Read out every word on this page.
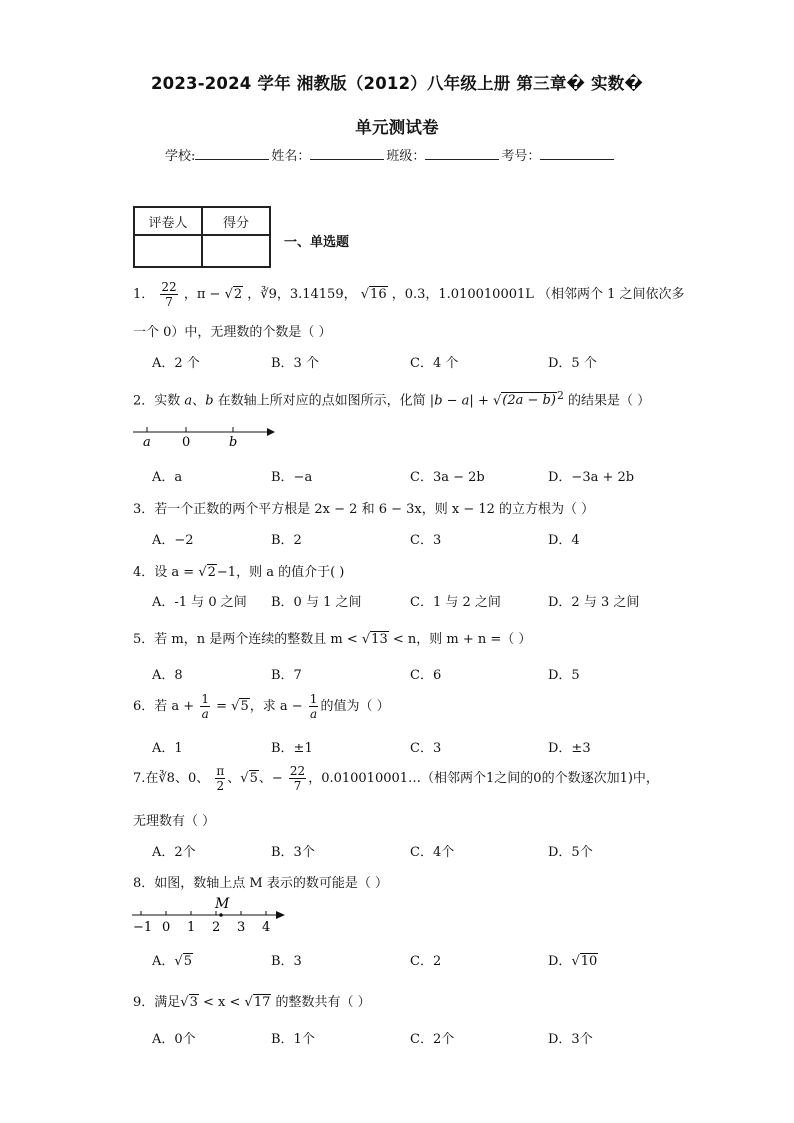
2023-2024 学年 湘教版（2012）八年级上册 第三章� 实数�
单元测试卷
学校:	姓名：	班级：	考号：
评卷人	得分

一、单选题
1． $\frac{22}{7}$ ，π − √2 ，∛9，3.14159， √16 ，0.3，1.010010001L （相邻两个 1 之间依次多
一个 0）中，无理数的个数是（ ）
A．2 个	B．3 个	C．4 个	D．5 个
2．实数 a、b 在数轴上所对应的点如图所示，化简 $|b - a| + √(2a - b)^2$ 的结果是（ ）
a 0	b
A．a	B．−a	C．3a − 2b	D．−3a + 2b
3．若一个正数的两个平方根是 2x − 2 和 6 − 3x，则 x − 12 的立方根为（ ）
A．−2	B．2	C．3	D．4
4．设 a = √2−1，则 a 的值介于( )
A．-1 与 0 之间 B．0 与 1 之间	C．1 与 2 之间	D．2 与 3 之间
5．若 m，n 是两个连续的整数且 m < √13 < n，则 m + n =（ ）
A．8	B．7	C．6	D．5
6．若 $a + \frac{1}{a} = √5$，求 $a - \frac{1}{a}$ 的值为（ ）
A．1	B．±1	C．3	D．±3
7.在∛8、0、 $\frac{\pi}{2}$ 、√5、− $\frac{22}{7}$ ，0.010010001…（相邻两个1之间的0的个数逐次加1)中，
无理数有（ ）
A．2个	B．3个	C．4个	D．5个
8．如图，数轴上点 M 表示的数可能是（ ）
−1 0 1 2 3 4
M
A．√5	B．3	C．2	D．√10
9．满足√3 < x < √17 的整数共有（ ）
A．0个	B．1个	C．2个	D．3个
